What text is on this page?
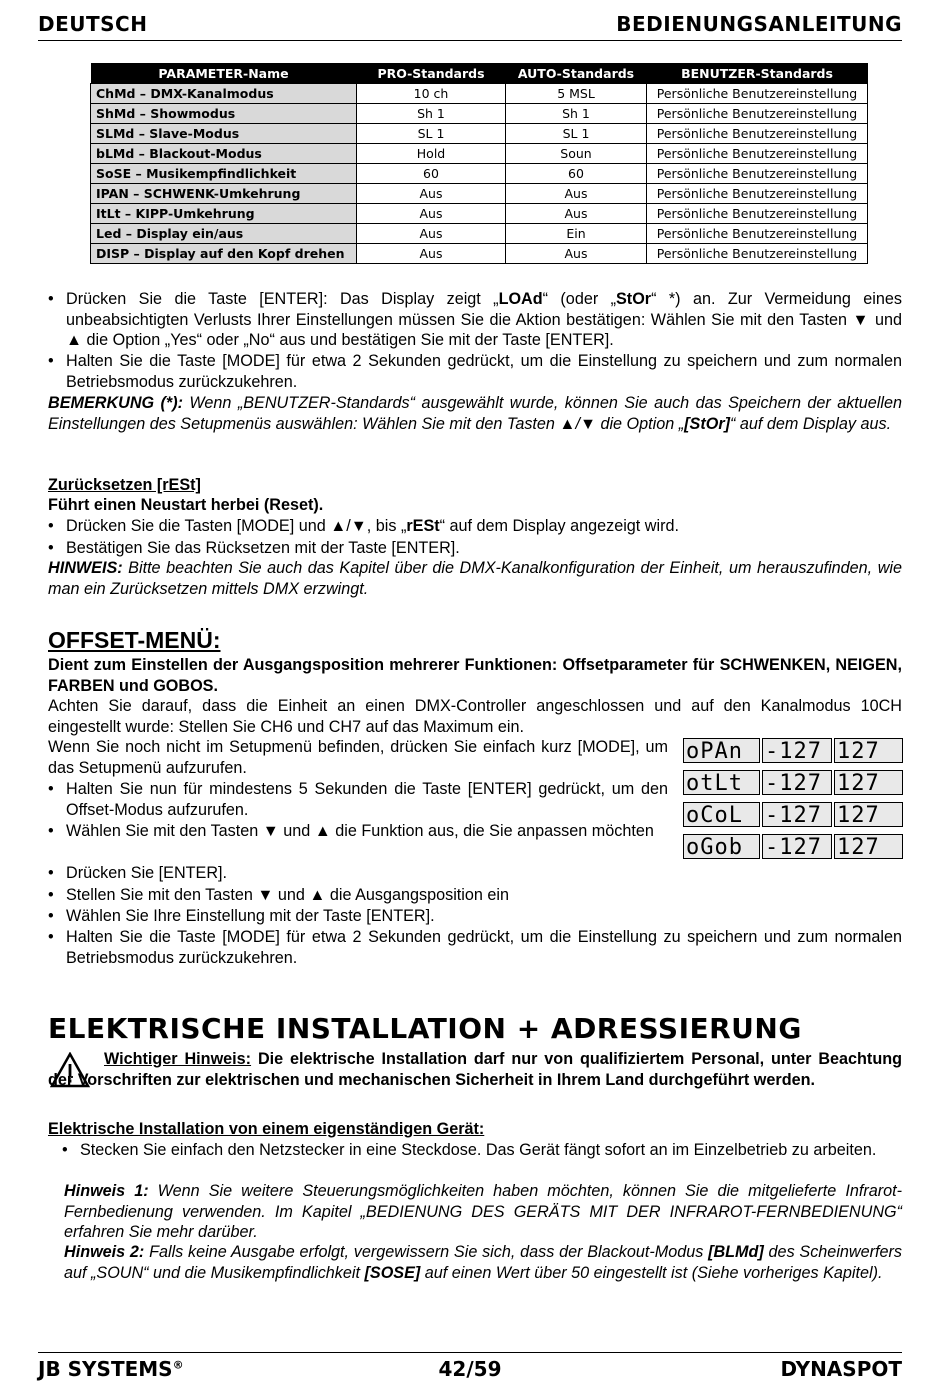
DEUTSCH	BEDIENUNGSANLEITUNG
PARAMETER-Name	PRO-Standards	AUTO-Standards	BENUTZER-Standards
ChMd – DMX-Kanalmodus	10 ch	5 MSL	Persönliche Benutzereinstellung
ShMd – Showmodus	Sh 1	Sh 1	Persönliche Benutzereinstellung
SLMd – Slave-Modus	SL 1	SL 1	Persönliche Benutzereinstellung
bLMd – Blackout-Modus	Hold	Soun	Persönliche Benutzereinstellung
SoSE – Musikempfindlichkeit	60	60	Persönliche Benutzereinstellung
IPAN – SCHWENK-Umkehrung	Aus	Aus	Persönliche Benutzereinstellung
ItLt – KIPP-Umkehrung	Aus	Aus	Persönliche Benutzereinstellung
Led – Display ein/aus	Aus	Ein	Persönliche Benutzereinstellung
DISP – Display auf den Kopf drehen	Aus	Aus	Persönliche Benutzereinstellung
• Drücken Sie die Taste [ENTER]: Das Display zeigt „LOAd“ (oder „StOr“ *) an. Zur Vermeidung eines unbeabsichtigten Verlusts Ihrer Einstellungen müssen Sie die Aktion bestätigen: Wählen Sie mit den Tasten ▼ und ▲ die Option „Yes“ oder „No“ aus und bestätigen Sie mit der Taste [ENTER].
• Halten Sie die Taste [MODE] für etwa 2 Sekunden gedrückt, um die Einstellung zu speichern und zum normalen Betriebsmodus zurückzukehren.
BEMERKUNG (*): Wenn „BENUTZER-Standards“ ausgewählt wurde, können Sie auch das Speichern der aktuellen Einstellungen des Setupmenüs auswählen: Wählen Sie mit den Tasten ▲/▼ die Option „[StOr]“ auf dem Display aus.
Zurücksetzen [rESt]
Führt einen Neustart herbei (Reset).
• Drücken Sie die Tasten [MODE] und ▲/▼, bis „rESt“ auf dem Display angezeigt wird.
• Bestätigen Sie das Rücksetzen mit der Taste [ENTER].
HINWEIS: Bitte beachten Sie auch das Kapitel über die DMX-Kanalkonfiguration der Einheit, um herauszufinden, wie man ein Zurücksetzen mittels DMX erzwingt.
OFFSET-MENÜ:
Dient zum Einstellen der Ausgangsposition mehrerer Funktionen: Offsetparameter für SCHWENKEN, NEIGEN, FARBEN und GOBOS.
Achten Sie darauf, dass die Einheit an einen DMX-Controller angeschlossen und auf den Kanalmodus 10CH eingestellt wurde: Stellen Sie CH6 und CH7 auf das Maximum ein.
Wenn Sie noch nicht im Setupmenü befinden, drücken Sie einfach kurz [MODE], um das Setupmenü aufzurufen.
• Halten Sie nun für mindestens 5 Sekunden die Taste [ENTER] gedrückt, um den Offset-Modus aufzurufen.
• Wählen Sie mit den Tasten ▼ und ▲ die Funktion aus, die Sie anpassen möchten
• Drücken Sie [ENTER].
• Stellen Sie mit den Tasten ▼ und ▲ die Ausgangsposition ein
• Wählen Sie Ihre Einstellung mit der Taste [ENTER].
• Halten Sie die Taste [MODE] für etwa 2 Sekunden gedrückt, um die Einstellung zu speichern und zum normalen Betriebsmodus zurückzukehren.
oPAn	-127 127
otLt	-127 127
oCoL	-127 127
oGob	-127 127
ELEKTRISCHE INSTALLATION + ADRESSIERUNG
Wichtiger Hinweis: Die elektrische Installation darf nur von qualifiziertem Personal, unter Beachtung der Vorschriften zur elektrischen und mechanischen Sicherheit in Ihrem Land durchgeführt werden.
Elektrische Installation von einem eigenständigen Gerät:
• Stecken Sie einfach den Netzstecker in eine Steckdose. Das Gerät fängt sofort an im Einzelbetrieb zu arbeiten.
Hinweis 1: Wenn Sie weitere Steuerungsmöglichkeiten haben möchten, können Sie die mitgelieferte Infrarot-Fernbedienung verwenden. Im Kapitel „BEDIENUNG DES GERÄTS MIT DER INFRAROT-FERNBEDIENUNG“ erfahren Sie mehr darüber.
Hinweis 2: Falls keine Ausgabe erfolgt, vergewissern Sie sich, dass der Blackout-Modus [BLMd] des Scheinwerfers auf „SOUN“ und die Musikempfindlichkeit [SOSE] auf einen Wert über 50 eingestellt ist (Siehe vorheriges Kapitel).
JB SYSTEMS®	42/59	DYNASPOT
